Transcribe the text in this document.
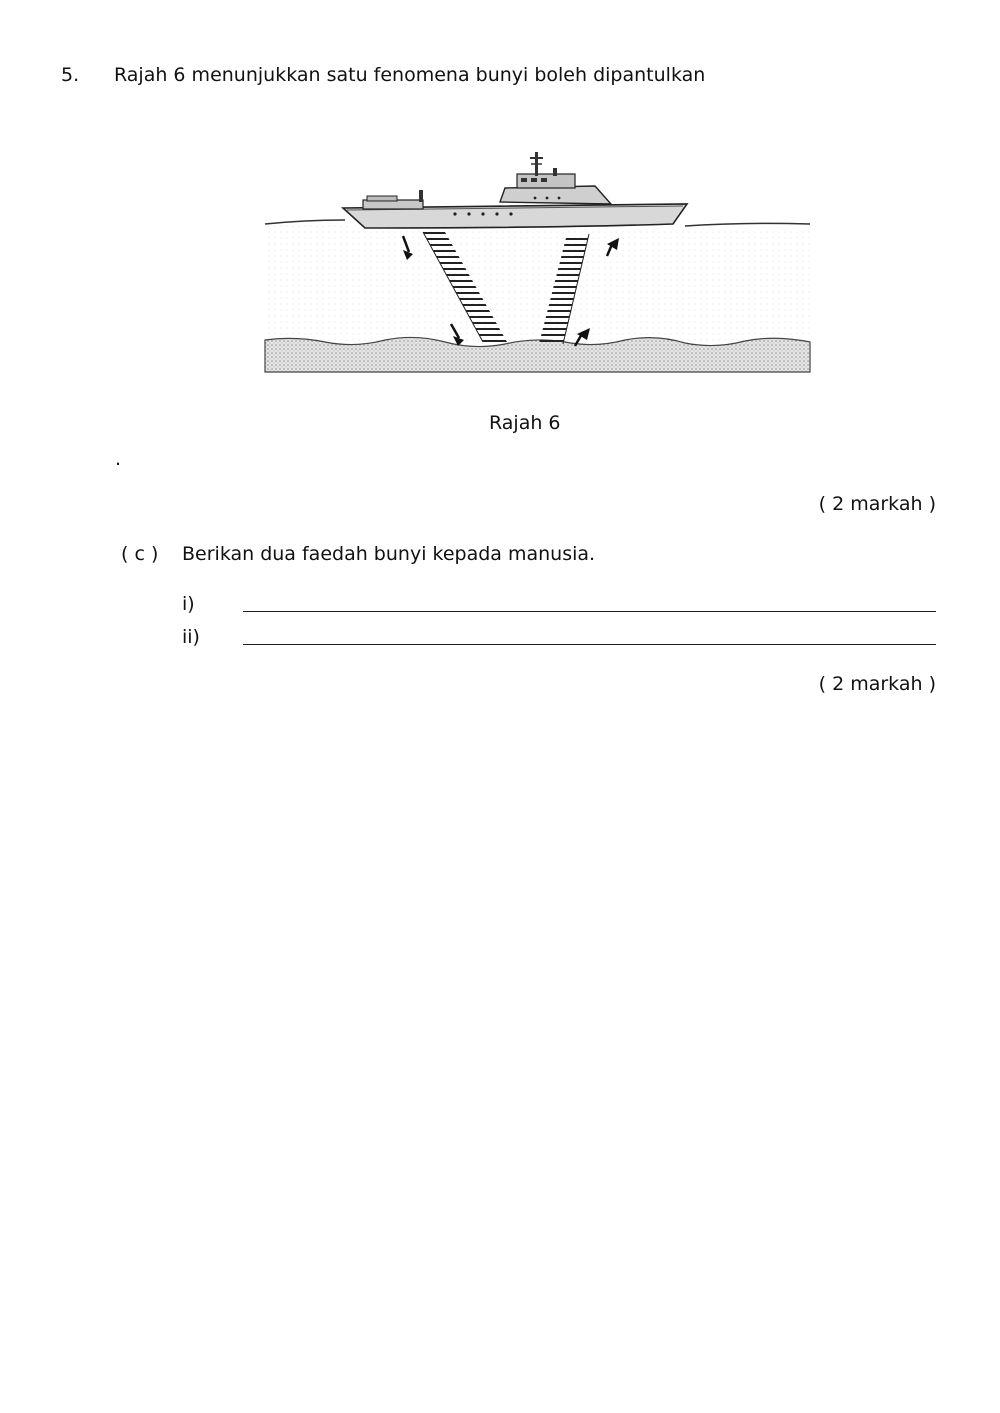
5. Rajah 6 menunjukkan satu fenomena bunyi boleh dipantulkan
Rajah 6
.
( 2 markah )
( c ) Berikan dua faedah bunyi kepada manusia.
i)
ii)
( 2 markah )
